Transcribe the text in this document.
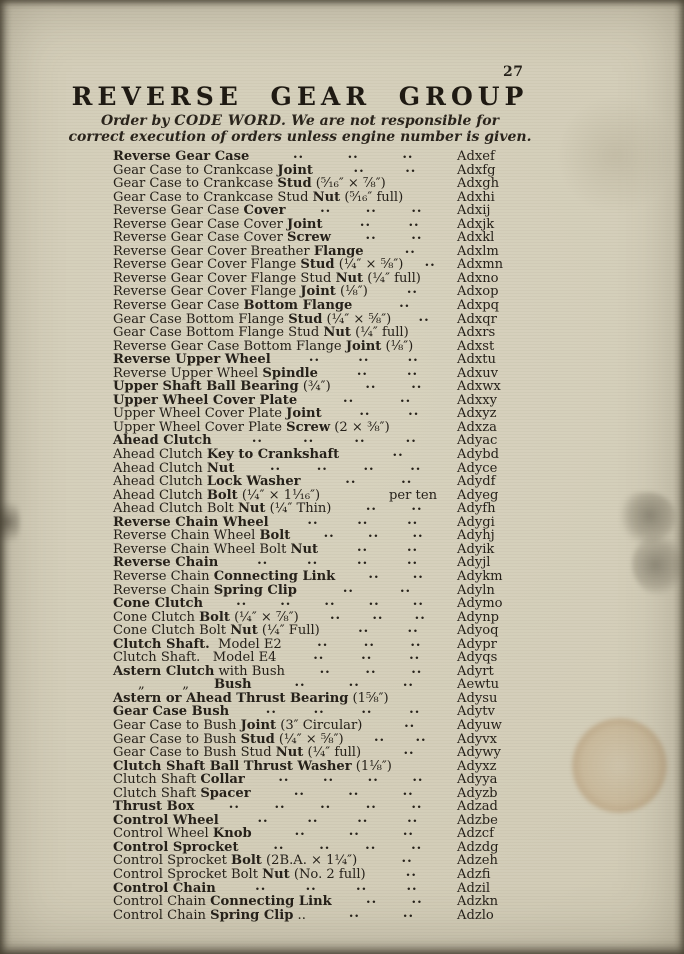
27
REVERSE GEAR GROUP
Order by CODE WORD. We are not responsible for
correct execution of orders unless engine number is given.
Reverse Gear Case	..	..	..	Adxef
Gear Case to Crankcase Joint	..	..	Adxfg
Gear Case to Crankcase Stud (⁵⁄₁₆″ × ⅞″)	Adxgh
Gear Case to Crankcase Stud Nut (⁵⁄₁₆″ full)	Adxhi
Reverse Gear Case Cover	..	..	..	Adxij
Reverse Gear Case Cover Joint	..	..	Adxjk
Reverse Gear Case Cover Screw	..	..	Adxkl
Reverse Gear Cover Breather Flange	..	Adxlm
Reverse Gear Cover Flange Stud (¼″ × ⅝″) .. Adxmn
Reverse Gear Cover Flange Stud Nut (¼″ full)	Adxno
Reverse Gear Cover Flange Joint (⅛″)	..	Adxop
Reverse Gear Case Bottom Flange	..	Adxpq
Gear Case Bottom Flange Stud (¼″ × ⅝″) .. Adxqr
Gear Case Bottom Flange Stud Nut (¼″ full)	Adxrs
Reverse Gear Case Bottom Flange Joint (⅛″)	Adxst
Reverse Upper Wheel	..	..	..	Adxtu
Reverse Upper Wheel Spindle	..	..	Adxuv
Upper Shaft Ball Bearing (¾″)	..	..	Adxwx
Upper Wheel Cover Plate	..	..	Adxxy
Upper Wheel Cover Plate Joint	..	..	Adxyz
Upper Wheel Cover Plate Screw (2 × ⅜″)	Adxza
Ahead Clutch	..	..	..	..	Adyac
Ahead Clutch Key to Crankshaft	..	Adybd
Ahead Clutch Nut	..	..	..	..	Adyce
Ahead Clutch Lock Washer	..	..	Adydf
Ahead Clutch Bolt (¼″ × 1¹⁄₁₆″)	per ten Adyeg
Ahead Clutch Bolt Nut (¼″ Thin)	..	..	Adyfh
Reverse Chain Wheel	..	..	..	Adygi
Reverse Chain Wheel Bolt	..	..	..	Adyhj
Reverse Chain Wheel Bolt Nut	..	..	Adyik
Reverse Chain	..	..	..	..	Adyjl
Reverse Chain Connecting Link	..	..	Adykm
Reverse Chain Spring Clip	..	..	Adyln
Cone Clutch	..	..	..	..	..	Adymo
Cone Clutch Bolt (¼″ × ⅞″) .. .. .. Adynp
Cone Clutch Bolt Nut (¼″ Full)	..	..	Adyoq
Clutch Shaft.  Model E2	..	..	..	Adypr
Clutch Shaft.   Model E4	..	..	..	Adyqs
Astern Clutch with Bush	..	..	..	Adyrt
„         „      Bush	..	..	..	Aewtu
Astern or Ahead Thrust Bearing (1⅝″)	Adysu
Gear Case Bush	..	..	..	..	Adytv
Gear Case to Bush Joint (3″ Circular)	..	Adyuw
Gear Case to Bush Stud (¼″ × ⅝″) .. .. Adyvx
Gear Case to Bush Stud Nut (¼″ full)	..	Adywy
Clutch Shaft Ball Thrust Washer (1⅛″)	Adyxz
Clutch Shaft Collar	..	..	..	..	Adyya
Clutch Shaft Spacer	..	..	..	Adyzb
Thrust Box	..	..	..	..	..	Adzad
Control Wheel	..	..	..	..	Adzbe
Control Wheel Knob	..	..	..	Adzcf
Control Sprocket	..	..	..	..	Adzdg
Control Sprocket Bolt (2B.A. × 1¼″)	..	Adzeh
Control Sprocket Bolt Nut (No. 2 full)	..	Adzfi
Control Chain	..	..	..	..	Adzil
Control Chain Connecting Link	..	..	Adzkn
Control Chain Spring Clip ..	..	..	Adzlo
